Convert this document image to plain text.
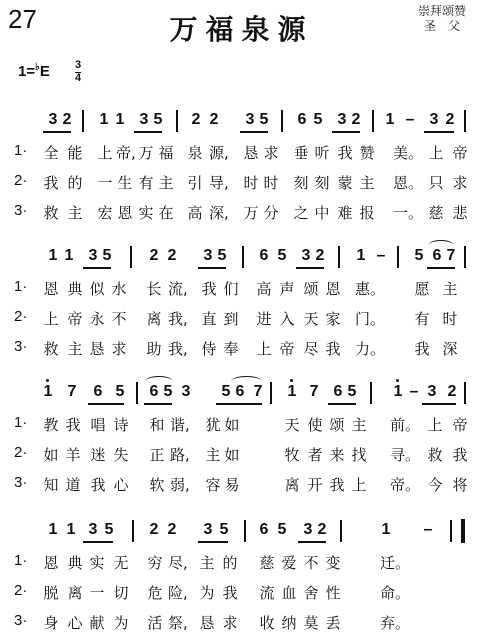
27	万福泉源
崇拜颂赞
圣　父
1=♭E 3
4
3 2 1 1 3 5 2 2 3 5 6 5 3 2 1 – 3 2
1· 全 能 上 帝, 万 福 泉 源, 恳 求 垂 听 我 赞 美。 上 帝
2· 我 的 一 生 有 主 引 导, 时 时 刻 刻 蒙 主 恩。 只 求
3· 救 主 宏 恩 实 在 高 深, 万 分 之 中 难 报 一。 慈 悲
1 1 3 5 2 2 3 5 6 5 3 2 1 – 5 6 7
1· 恩 典 似 水 长 流, 我 们 高 声 颂 恩 惠。 愿 主
2· 上 帝 永 不 离 我, 直 到 进 入 天 家 门。 有 时
3· 救 主 恳 求 助 我, 侍 奉 上 帝 尽 我 力。 我 深
1 7 6 5 6 5 3 5 6 7 1 7 6 5 1 – 3 2
1· 教 我 唱 诗 和 谐, 犹 如	天 使 颂 主 前。 上 帝
2· 如 羊 迷 失 正 路, 主 如	牧 者 来 找 寻。 救 我
3· 知 道 我 心 软 弱, 容 易	离 开 我 上 帝。 今 将
1 1 3 5 2 2 3 5 6 5 3 2	1 –
1· 恩 典 实 无 穷 尽, 主 的 慈 爱 不 变	迁。
2· 脱 离 一 切 危 险, 为 我 流 血 舍 性	命。
3· 身 心 献 为 活 祭, 恳 求 收 纳 莫 丢	弃。
